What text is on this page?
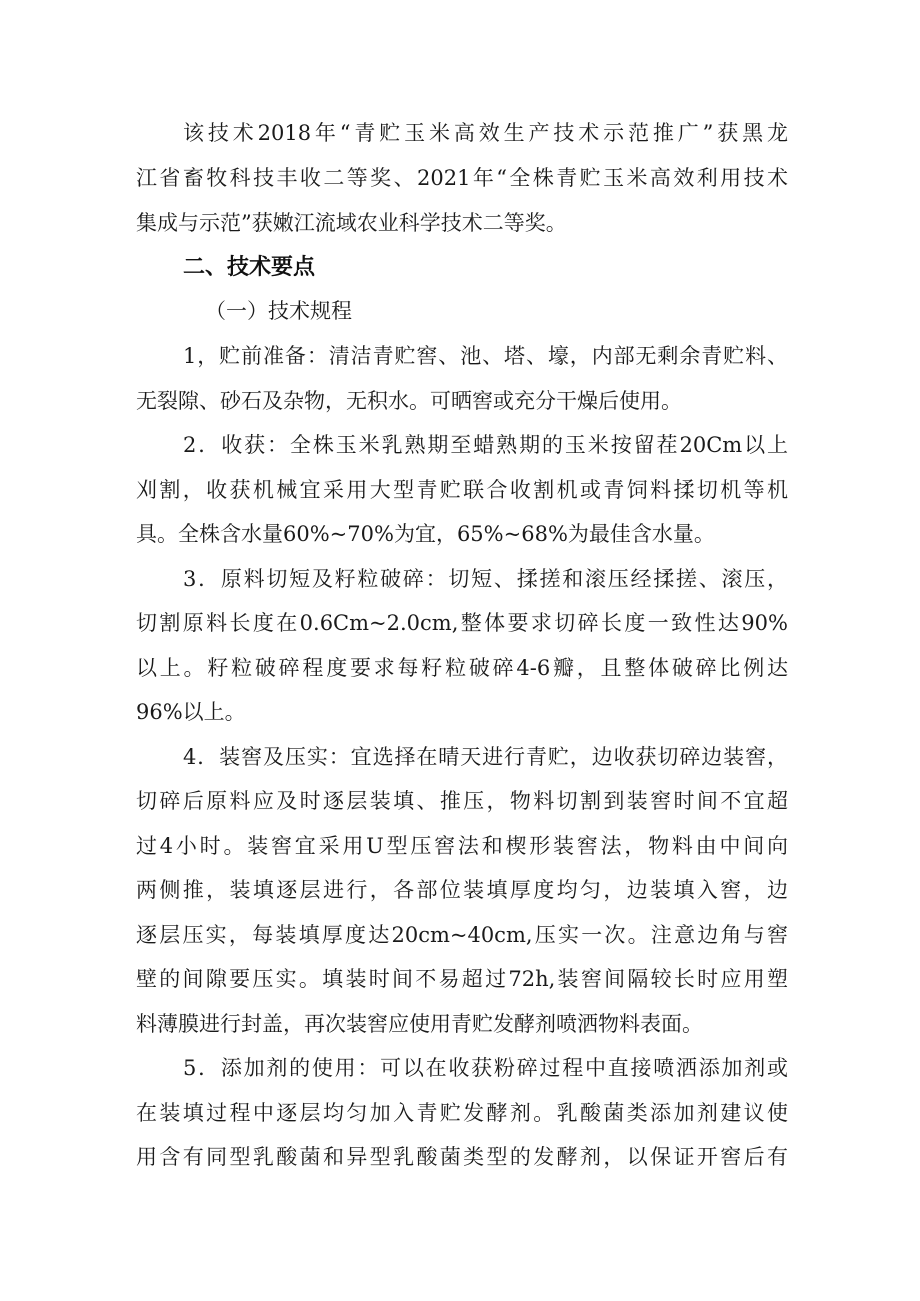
该技术2018年“青贮玉米高效生产技术示范推广”获黑龙
江省畜牧科技丰收二等奖、2021年“全株青贮玉米高效利用技术
集成与示范”获嫩江流域农业科学技术二等奖。
二、技术要点
（一）技术规程
1，贮前准备：清洁青贮窖、池、塔、壕，内部无剩余青贮料、
无裂隙、砂石及杂物，无积水。可晒窖或充分干燥后使用。
2．收获：全株玉米乳熟期至蜡熟期的玉米按留茬20Cm以上
刈割，收获机械宜采用大型青贮联合收割机或青饲料揉切机等机
具。全株含水量60%~70%为宜，65%~68%为最佳含水量。
3．原料切短及籽粒破碎：切短、揉搓和滚压经揉搓、滚压，
切割原料长度在0.6Cm~2.0cm,整体要求切碎长度一致性达90%
以上。籽粒破碎程度要求每籽粒破碎4-6瓣，且整体破碎比例达
96%以上。
4．装窖及压实：宜选择在晴天进行青贮，边收获切碎边装窖，
切碎后原料应及时逐层装填、推压，物料切割到装窖时间不宜超
过4小时。装窖宜采用U型压窖法和楔形装窖法，物料由中间向
两侧推，装填逐层进行，各部位装填厚度均匀，边装填入窖，边
逐层压实，每装填厚度达20cm~40cm,压实一次。注意边角与窖
壁的间隙要压实。填装时间不易超过72h,装窖间隔较长时应用塑
料薄膜进行封盖，再次装窖应使用青贮发酵剂喷洒物料表面。
5．添加剂的使用：可以在收获粉碎过程中直接喷洒添加剂或
在装填过程中逐层均匀加入青贮发酵剂。乳酸菌类添加剂建议使
用含有同型乳酸菌和异型乳酸菌类型的发酵剂，以保证开窖后有
